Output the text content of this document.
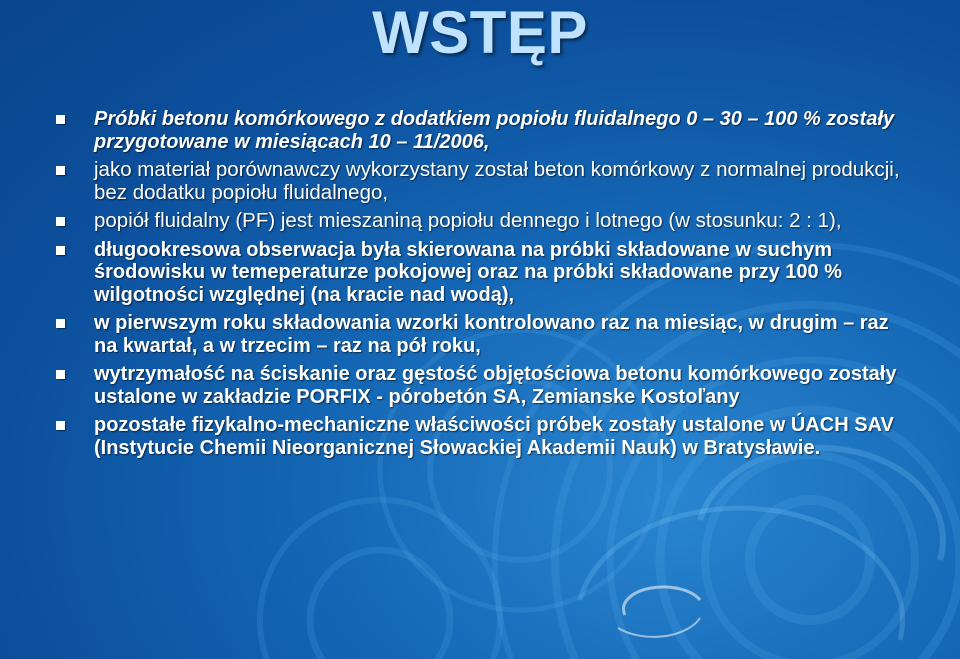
WSTĘP
Próbki betonu komórkowego z dodatkiem popiołu fluidalnego 0 – 30 – 100 % zostały przygotowane w miesiącach 10 – 11/2006,
jako materiał porównawczy wykorzystany został beton komórkowy z normalnej produkcji, bez dodatku popiołu fluidalnego,
popiół fluidalny (PF) jest mieszaniną popiołu dennego i lotnego (w stosunku: 2 : 1),
długookresowa obserwacja była skierowana na próbki składowane w suchym środowisku w temeperaturze pokojowej oraz na próbki składowane przy 100 % wilgotności względnej (na kracie nad wodą),
w pierwszym roku składowania wzorki kontrolowano raz na miesiąc, w drugim – raz na kwartał, a w trzecim – raz na pół roku,
wytrzymałość na ściskanie oraz gęstość objętościowa betonu komórkowego zostały ustalone w zakładzie PORFIX - pórobetón SA, Zemianske Kostoľany
pozostałe fizykalno-mechaniczne właściwości próbek zostały ustalone w ÚACH SAV (Instytucie Chemii Nieorganicznej Słowackiej Akademii Nauk) w Bratysławie.
